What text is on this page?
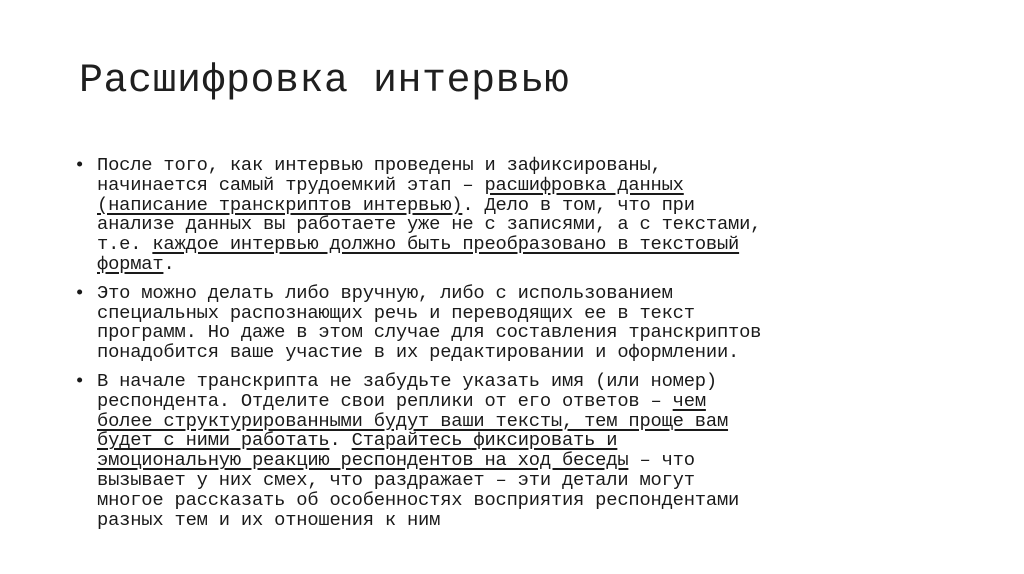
Расшифровка интервью
• После того, как интервью проведены и зафиксированы,
начинается самый трудоемкий этап – расшифровка данных
(написание транскриптов интервью). Дело в том, что при
анализе данных вы работаете уже не с записями, а с текстами,
т.е. каждое интервью должно быть преобразовано в текстовый
формат.
• Это можно делать либо вручную, либо с использованием
специальных распознающих речь и переводящих ее в текст
программ. Но даже в этом случае для составления транскриптов
понадобится ваше участие в их редактировании и оформлении.
• В начале транскрипта не забудьте указать имя (или номер)
респондента. Отделите свои реплики от его ответов – чем
более структурированными будут ваши тексты, тем проще вам
будет с ними работать. Старайтесь фиксировать и
эмоциональную реакцию респондентов на ход беседы – что
вызывает у них смех, что раздражает – эти детали могут
многое рассказать об особенностях восприятия респондентами
разных тем и их отношения к ним
